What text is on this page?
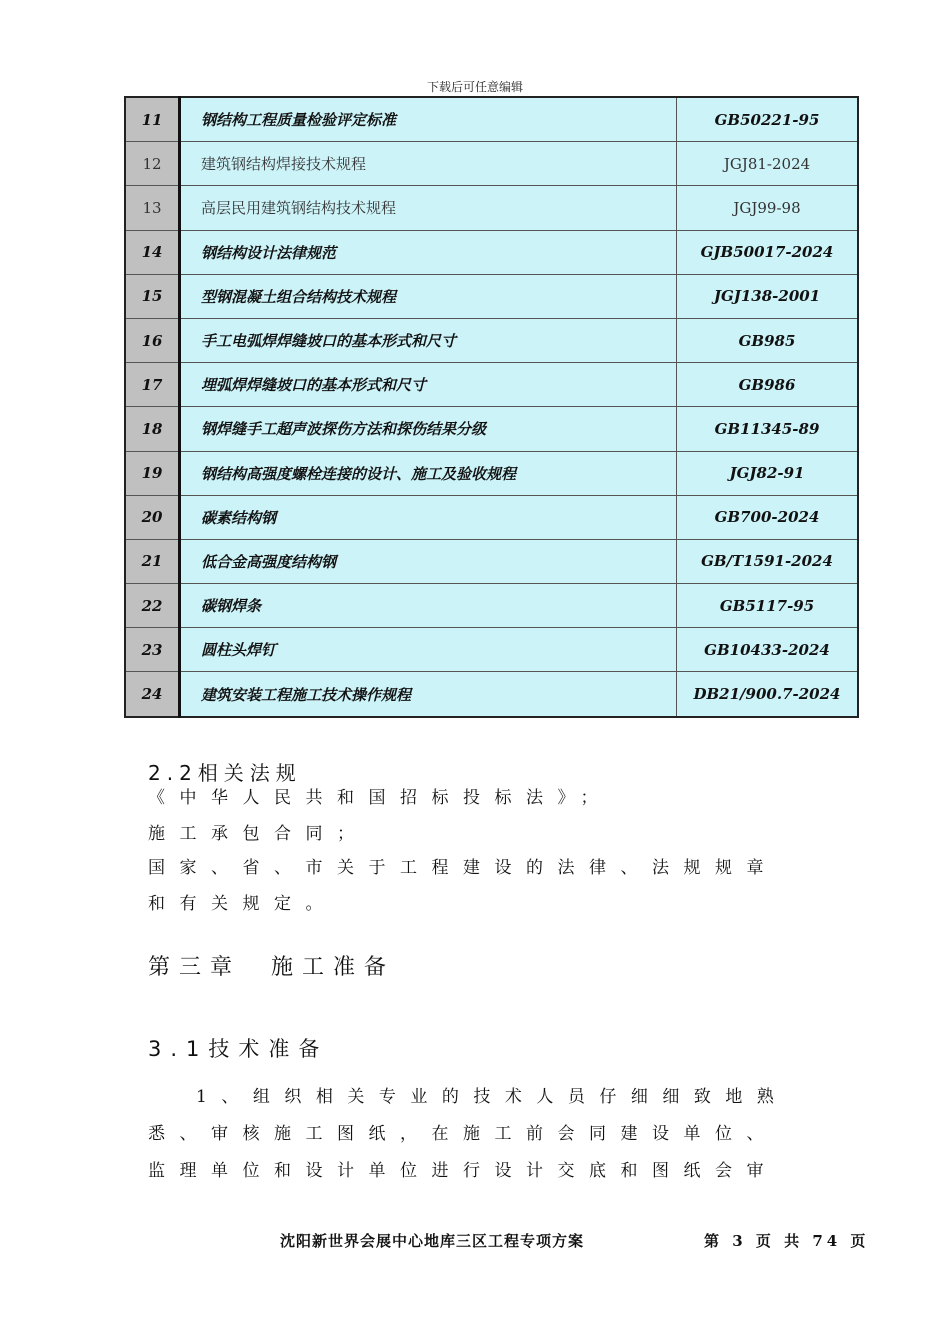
下载后可任意编辑
11	钢结构工程质量检验评定标准	GB50221-95
12	建筑钢结构焊接技术规程	JGJ81-2024
13	高层民用建筑钢结构技术规程	JGJ99-98
14	钢结构设计法律规范	GJB50017-2024
15	型钢混凝土组合结构技术规程	JGJ138-2001
16	手工电弧焊焊缝坡口的基本形式和尺寸	GB985
17	埋弧焊焊缝坡口的基本形式和尺寸	GB986
18	钢焊缝手工超声波探伤方法和探伤结果分级	GB11345-89
19	钢结构高强度螺栓连接的设计、施工及验收规程	JGJ82-91
20	碳素结构钢	GB700-2024
21	低合金高强度结构钢	GB/T1591-2024
22	碳钢焊条	GB5117-95
23	圆柱头焊钉	GB10433-2024
24	建筑安装工程施工技术操作规程	DB21/900.7-2024
2.2相关法规
《中华人民共和国招标投标法》；
施工承包合同；
国家、省、市关于工程建设的法律、法规规章
和有关规定。
第三章 施工准备
3.1技术准备
1、组织相关专业的技术人员仔细细致地熟
悉、审核施工图纸，在施工前会同建设单位、
监理单位和设计单位进行设计交底和图纸会审
沈阳新世界会展中心地库三区工程专项方案	第 3 页 共 74 页
